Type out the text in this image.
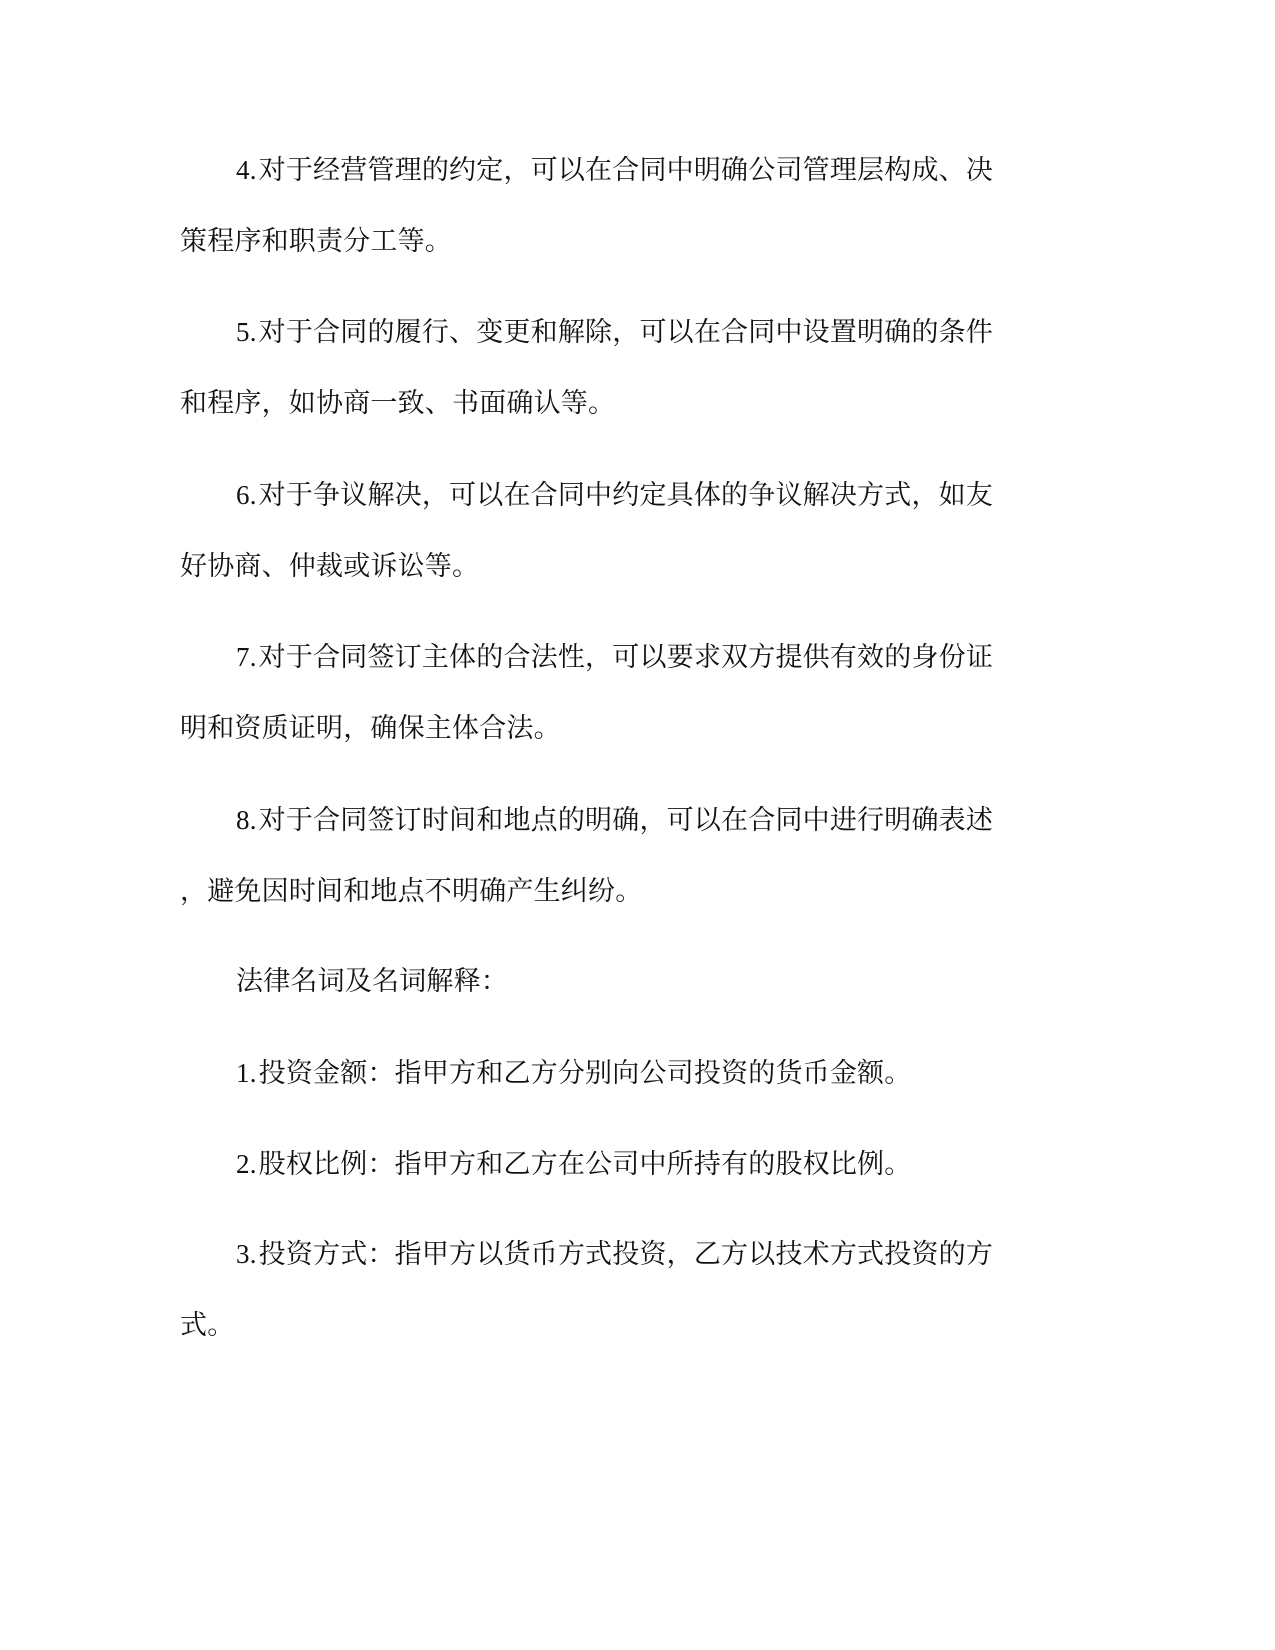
4.对于经营管理的约定，可以在合同中明确公司管理层构成、决
策程序和职责分工等。
5.对于合同的履行、变更和解除，可以在合同中设置明确的条件
和程序，如协商一致、书面确认等。
6.对于争议解决，可以在合同中约定具体的争议解决方式，如友
好协商、仲裁或诉讼等。
7.对于合同签订主体的合法性，可以要求双方提供有效的身份证
明和资质证明，确保主体合法。
8.对于合同签订时间和地点的明确，可以在合同中进行明确表述
，避免因时间和地点不明确产生纠纷。
法律名词及名词解释：
1.投资金额：指甲方和乙方分别向公司投资的货币金额。
2.股权比例：指甲方和乙方在公司中所持有的股权比例。
3.投资方式：指甲方以货币方式投资，乙方以技术方式投资的方
式。
